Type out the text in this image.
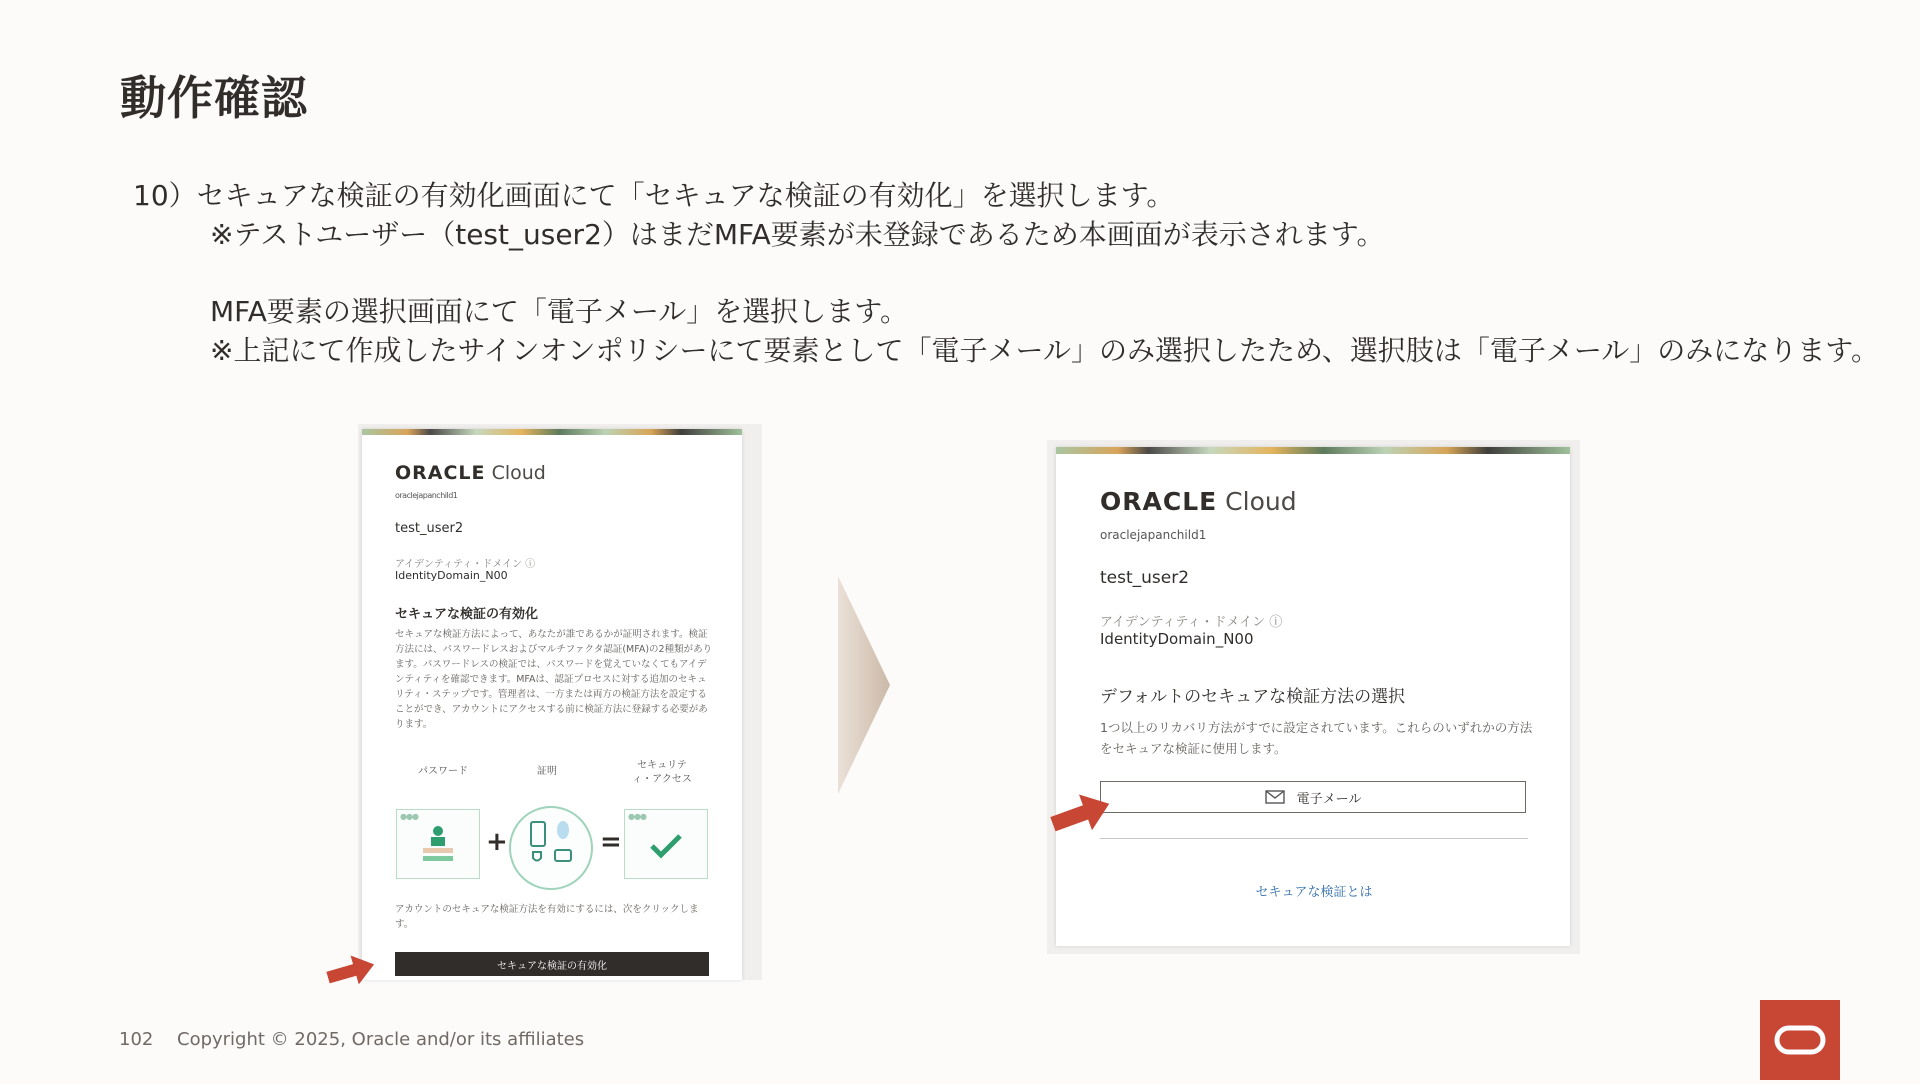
動作確認
10）セキュアな検証の有効化画面にて「セキュアな検証の有効化」を選択します。
※テストユーザー（test_user2）はまだMFA要素が未登録であるため本画面が表示されます。
MFA要素の選択画面にて「電子メール」を選択します。
※上記にて作成したサインオンポリシーにて要素として「電子メール」のみ選択したため、選択肢は「電子メール」のみになります。
ORACLE Cloud
oraclejapanchild1
test_user2
アイデンティティ・ドメイン ⓘ
IdentityDomain_N00
セキュアな検証の有効化
セキュアな検証方法によって、あなたが誰であるかが証明されます。検証方法には、パスワードレスおよびマルチファクタ認証(MFA)の2種類があります。パスワードレスの検証では、パスワードを覚えていなくてもアイデンティティを確認できます。MFAは、認証プロセスに対する追加のセキュリティ・ステップです。管理者は、一方または両方の検証方法を設定することができ、アカウントにアクセスする前に検証方法に登録する必要があります。
パスワード	証明
セキュリティ・アクセス
●●●
+	=
●●●
アカウントのセキュアな検証方法を有効にするには、次をクリックします。
セキュアな検証の有効化
ORACLE Cloud
oraclejapanchild1
test_user2
アイデンティティ・ドメイン ⓘ
IdentityDomain_N00
デフォルトのセキュアな検証方法の選択
1つ以上のリカバリ方法がすでに設定されています。これらのいずれかの方法をセキュアな検証に使用します。
電子メール
セキュアな検証とは
102 Copyright © 2025, Oracle and/or its affiliates
